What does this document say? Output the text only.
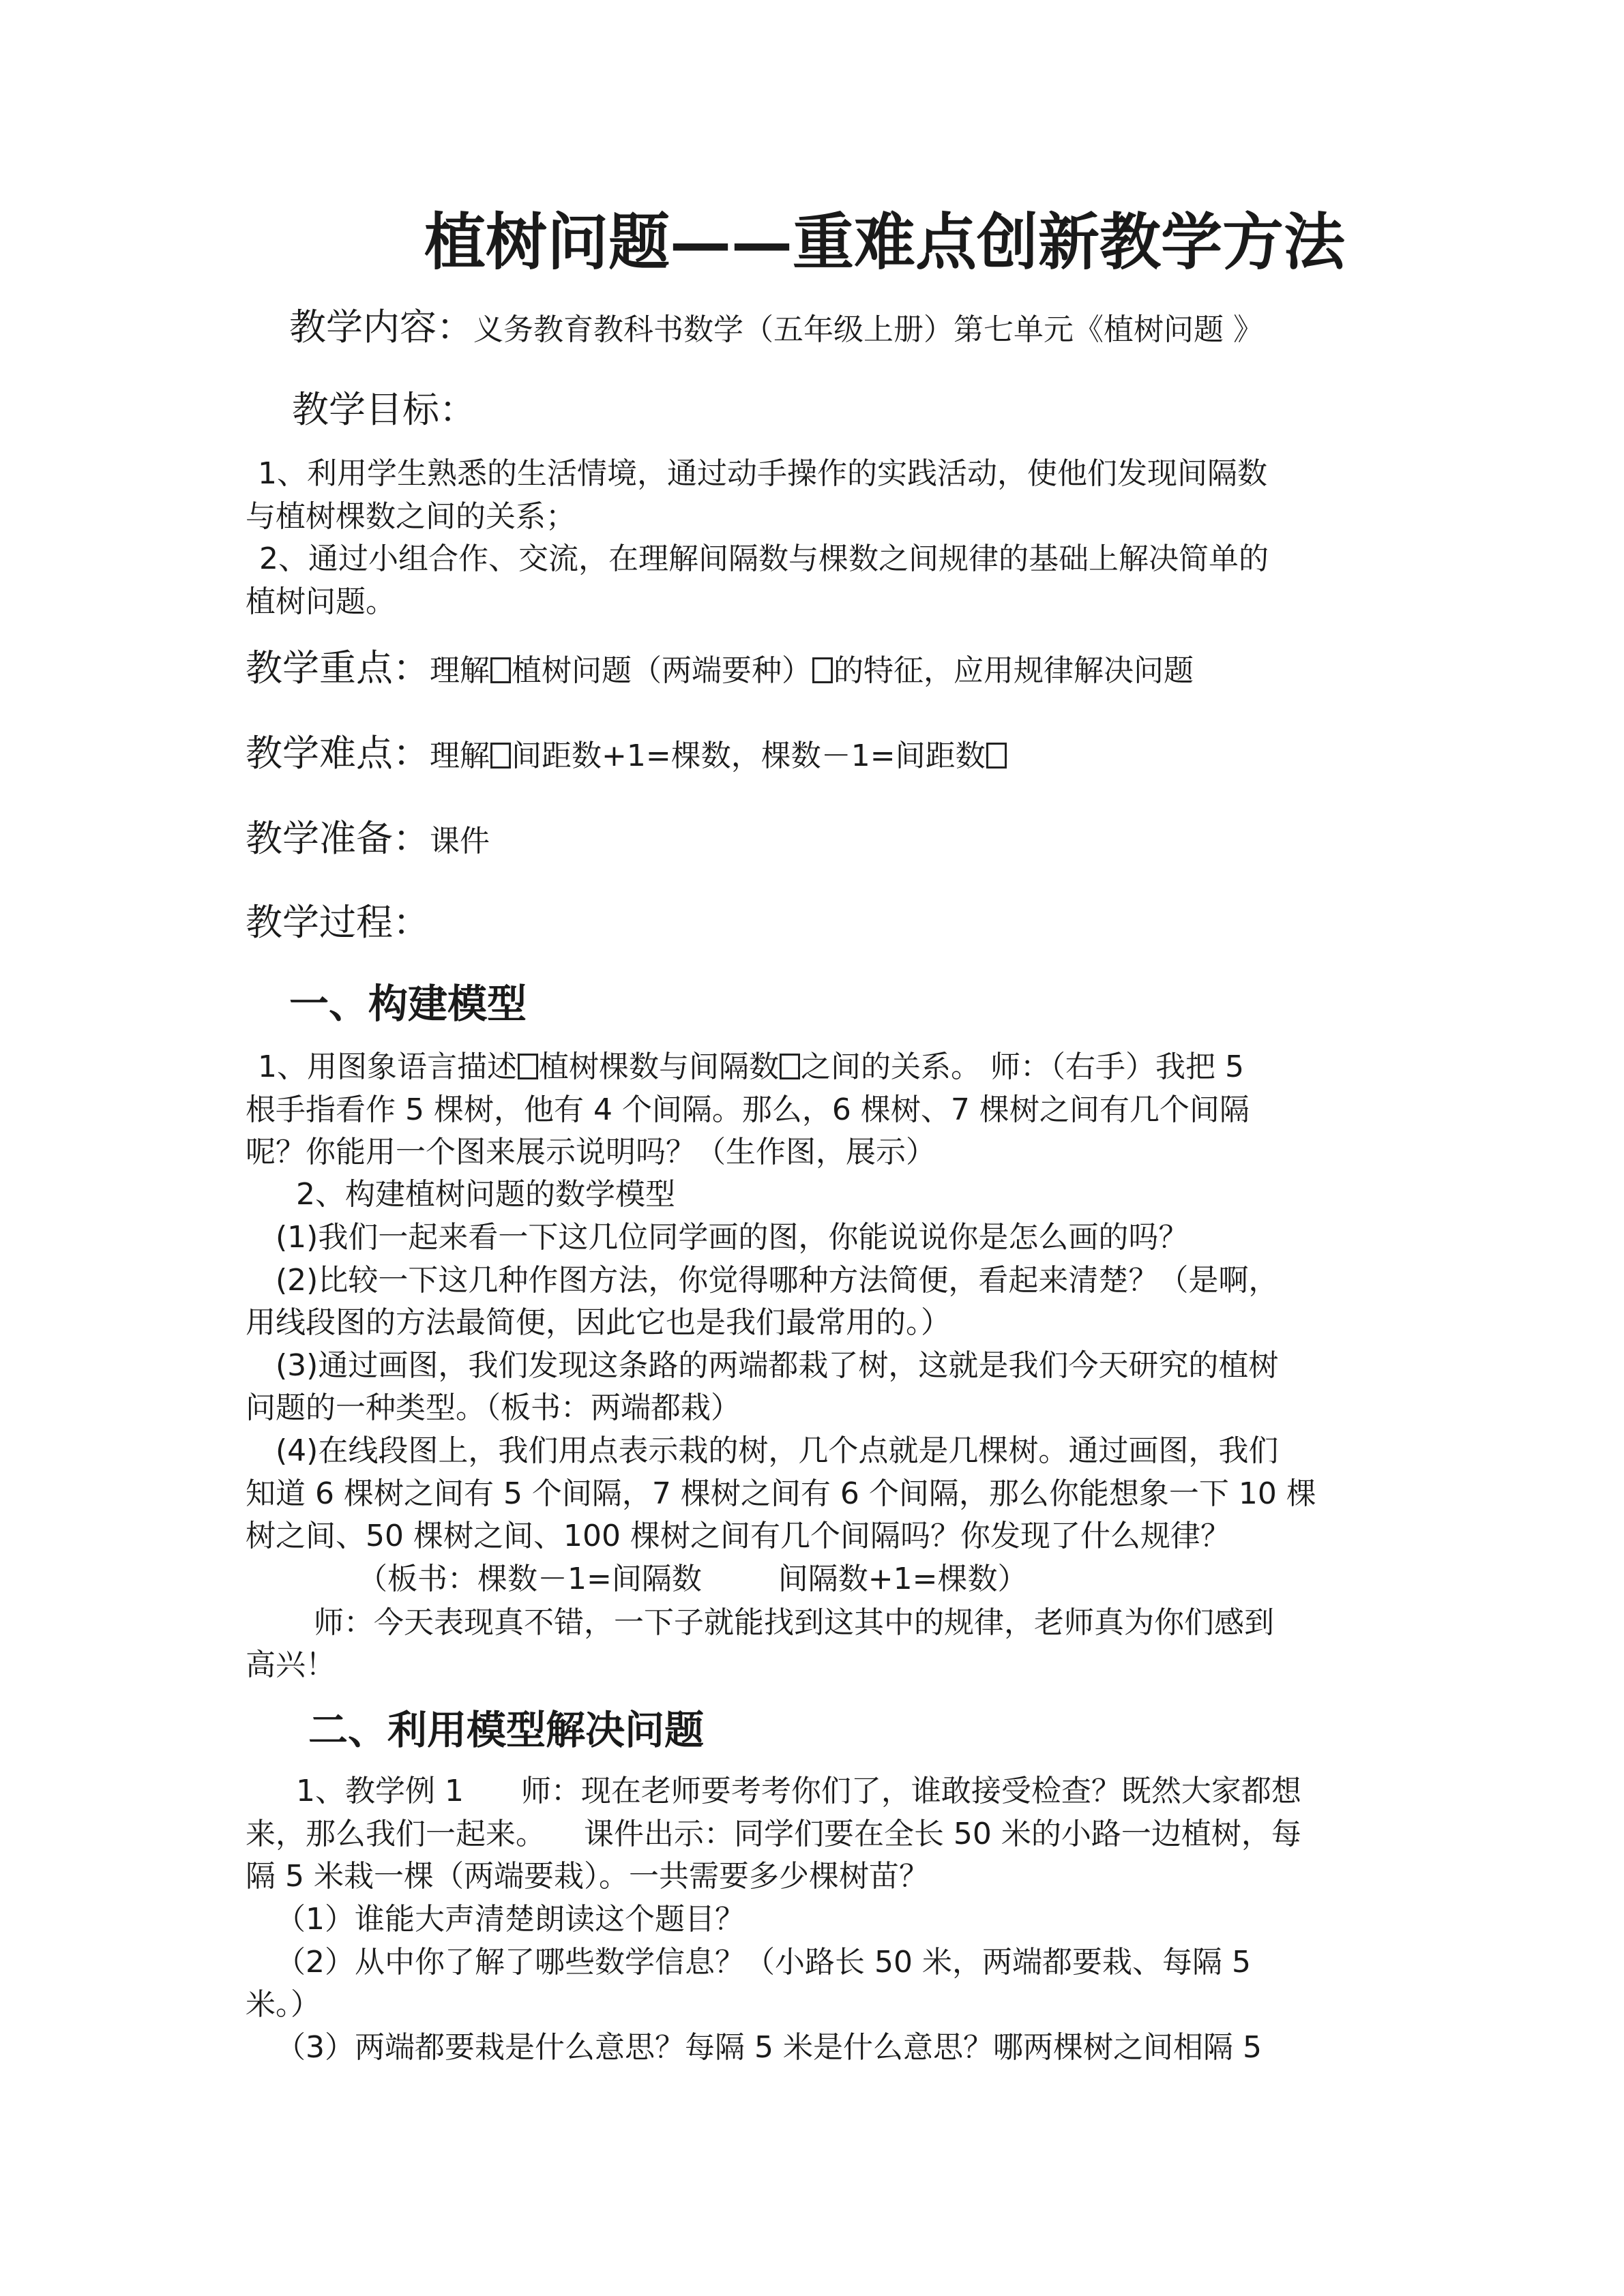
植树问题——重难点创新教学方法
教学内容：义务教育教科书数学（五年级上册）第七单元《植树问题 》
教学目标：
1、利用学生熟悉的生活情境，通过动手操作的实践活动，使他们发现间隔数
与植树棵数之间的关系；
2、通过小组合作、交流，在理解间隔数与棵数之间规律的基础上解决简单的
植树问题。
教学重点：理解 植树问题（两端要种） 的特征，应用规律解决问题
教学难点：理解 间距数+1=棵数，棵数－1=间距数
教学准备：课件
教学过程：
一、构建模型
1、用图象语言描述 植树棵数与间隔数 之间的关系。 师：（右手）我把 5
根手指看作 5 棵树，他有 4 个间隔。那么，6 棵树、7 棵树之间有几个间隔
呢？你能用一个图来展示说明吗？（生作图，展示）
2、构建植树问题的数学模型
(1)我们一起来看一下这几位同学画的图，你能说说你是怎么画的吗？
(2)比较一下这几种作图方法，你觉得哪种方法简便，看起来清楚？（是啊，
用线段图的方法最简便，因此它也是我们最常用的。）
(3)通过画图，我们发现这条路的两端都栽了树，这就是我们今天研究的植树
问题的一种类型。（板书：两端都栽）
(4)在线段图上，我们用点表示栽的树，几个点就是几棵树。通过画图，我们
知道 6 棵树之间有 5 个间隔，7 棵树之间有 6 个间隔，那么你能想象一下 10 棵
树之间、50 棵树之间、100 棵树之间有几个间隔吗？你发现了什么规律？
（板书：棵数－1=间隔数        间隔数+1=棵数）
师：今天表现真不错，一下子就能找到这其中的规律，老师真为你们感到
高兴！
二、利用模型解决问题
1、教学例 1      师：现在老师要考考你们了，谁敢接受检查？既然大家都想
来，那么我们一起来。    课件出示：同学们要在全长 50 米的小路一边植树，每
隔 5 米栽一棵（两端要栽）。一共需要多少棵树苗？
（1）谁能大声清楚朗读这个题目？
（2）从中你了解了哪些数学信息？（小路长 50 米，两端都要栽、每隔 5
米。）
（3）两端都要栽是什么意思？每隔 5 米是什么意思？哪两棵树之间相隔 5
